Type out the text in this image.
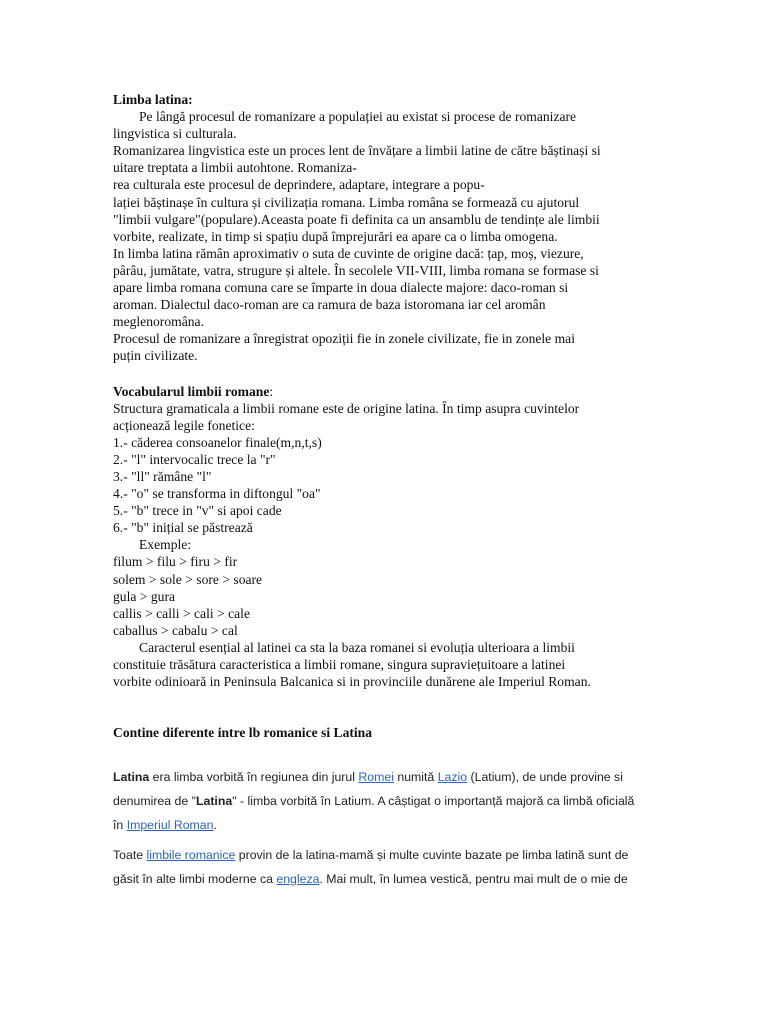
Limba latina:
Pe lângă procesul de romanizare a populației au existat si procese de romanizare
lingvistica si culturala.
Romanizarea lingvistica este un proces lent de învățare a limbii latine de către băștinași si
uitare treptata a limbii autohtone. Romaniza-
rea culturala este procesul de deprindere, adaptare, integrare a popu-
lației băștinașe în cultura și civilizația romana. Limba româna se formează cu ajutorul
"limbii vulgare"(populare).Aceasta poate fi definita ca un ansamblu de tendințe ale limbii
vorbite, realizate, in timp si spațiu după împrejurări ea apare ca o limba omogena.
In limba latina rămân aproximativ o suta de cuvinte de origine dacă: țap, moș, viezure,
pârâu, jumătate, vatra, strugure și altele. În secolele VII-VIII, limba romana se formase si
apare limba romana comuna care se împarte in doua dialecte majore: daco-roman si
aroman. Dialectul daco-roman are ca ramura de baza istoromana iar cel aromân
meglenoromâna.
Procesul de romanizare a înregistrat opoziții fie in zonele civilizate, fie in zonele mai
puțin civilizate.
Vocabularul limbii romane:
Structura gramaticala a limbii romane este de origine latina. În timp asupra cuvintelor
acționează legile fonetice:
1.- căderea consoanelor finale(m,n,t,s)
2.- "l" intervocalic trece la "r"
3.- "ll" rămâne "l"
4.- "o" se transforma in diftongul "oa"
5.- "b" trece in "v" si apoi cade
6.- "b" inițial se păstrează
Exemple:
filum > filu > firu > fir
solem > sole > sore > soare
gula > gura
callis > calli > cali > cale
caballus > cabalu > cal
Caracterul esențial al latinei ca sta la baza romanei si evoluția ulterioara a limbii
constituie trăsătura caracteristica a limbii romane, singura supraviețuitoare a latinei
vorbite odinioară in Peninsula Balcanica si in provinciile dunărene ale Imperiul Roman.
Contine diferente intre lb romanice si Latina
Latina era limba vorbită în regiunea din jurul Romei numită Lazio (Latium), de unde provine si
denumirea de "Latina" - limba vorbită în Latium. A câștigat o importanță majoră ca limbă oficială
în Imperiul Roman.
Toate limbile romanice provin de la latina-mamă și multe cuvinte bazate pe limba latină sunt de
găsit în alte limbi moderne ca engleza. Mai mult, în lumea vestică, pentru mai mult de o mie de
